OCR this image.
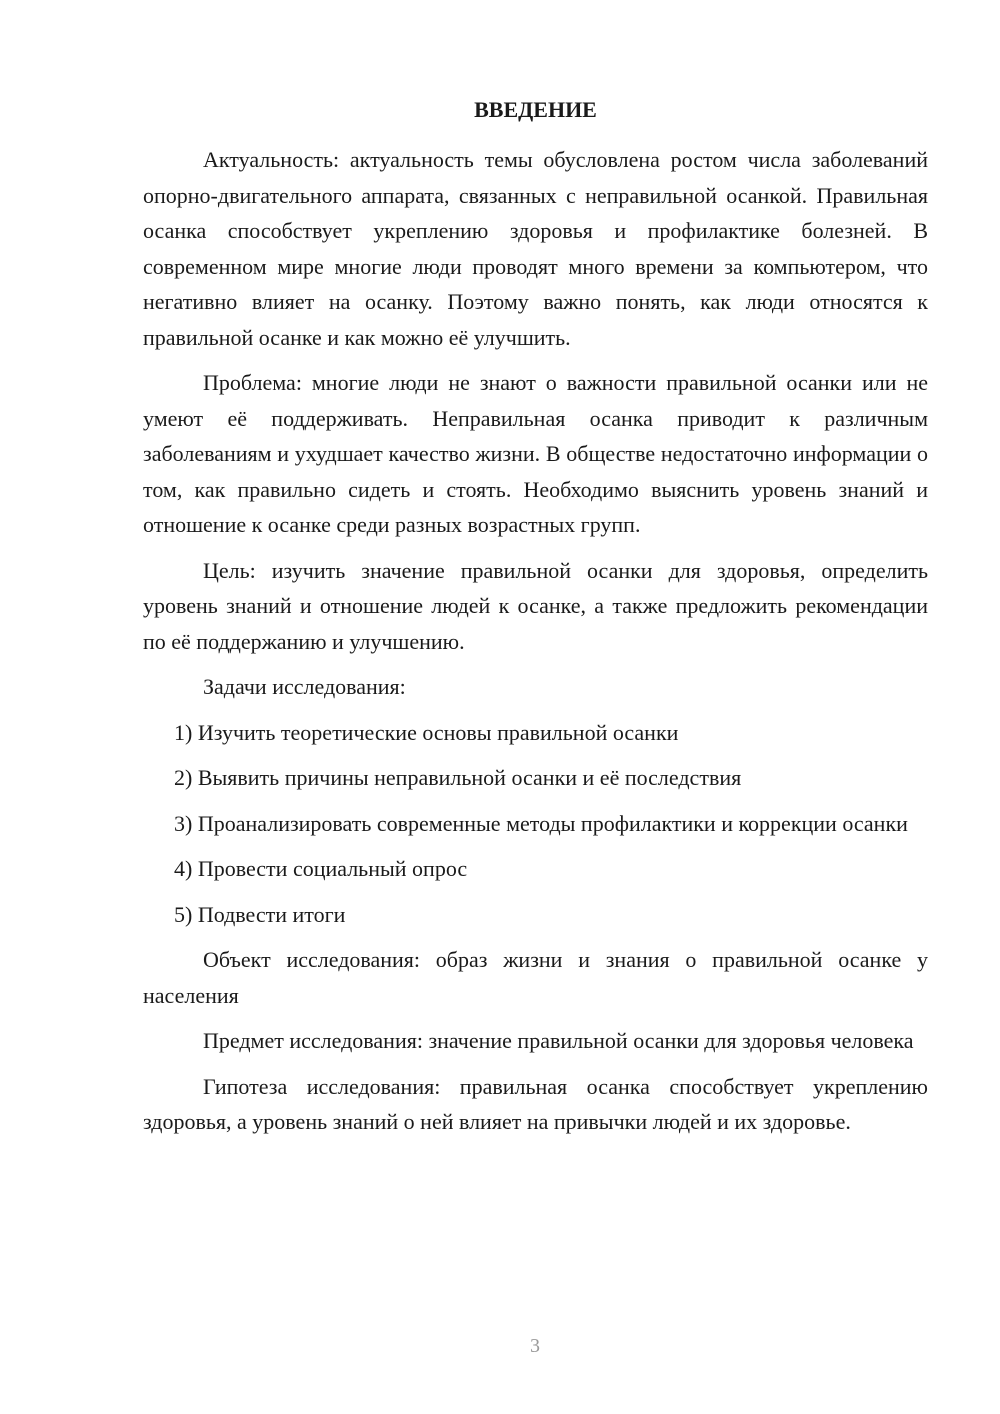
ВВЕДЕНИЕ

Актуальность: актуальность темы обусловлена ростом числа заболеваний опорно-двигательного аппарата, связанных с неправильной осанкой. Правильная осанка способствует укреплению здоровья и профилактике болезней. В современном мире многие люди проводят много времени за компьютером, что негативно влияет на осанку. Поэтому важно понять, как люди относятся к правильной осанке и как можно её улучшить.

Проблема: многие люди не знают о важности правильной осанки или не умеют её поддерживать. Неправильная осанка приводит к различным заболеваниям и ухудшает качество жизни. В обществе недостаточно информации о том, как правильно сидеть и стоять. Необходимо выяснить уровень знаний и отношение к осанке среди разных возрастных групп.

Цель: изучить значение правильной осанки для здоровья, определить уровень знаний и отношение людей к осанке, а также предложить рекомендации по её поддержанию и улучшению.

Задачи исследования:

1) Изучить теоретические основы правильной осанки

2) Выявить причины неправильной осанки и её последствия

3) Проанализировать современные методы профилактики и коррекции осанки

4) Провести социальный опрос

5) Подвести итоги

Объект исследования: образ жизни и знания о правильной осанке у населения

Предмет исследования: значение правильной осанки для здоровья человека

Гипотеза исследования: правильная осанка способствует укреплению здоровья, а уровень знаний о ней влияет на привычки людей и их здоровье.

3
